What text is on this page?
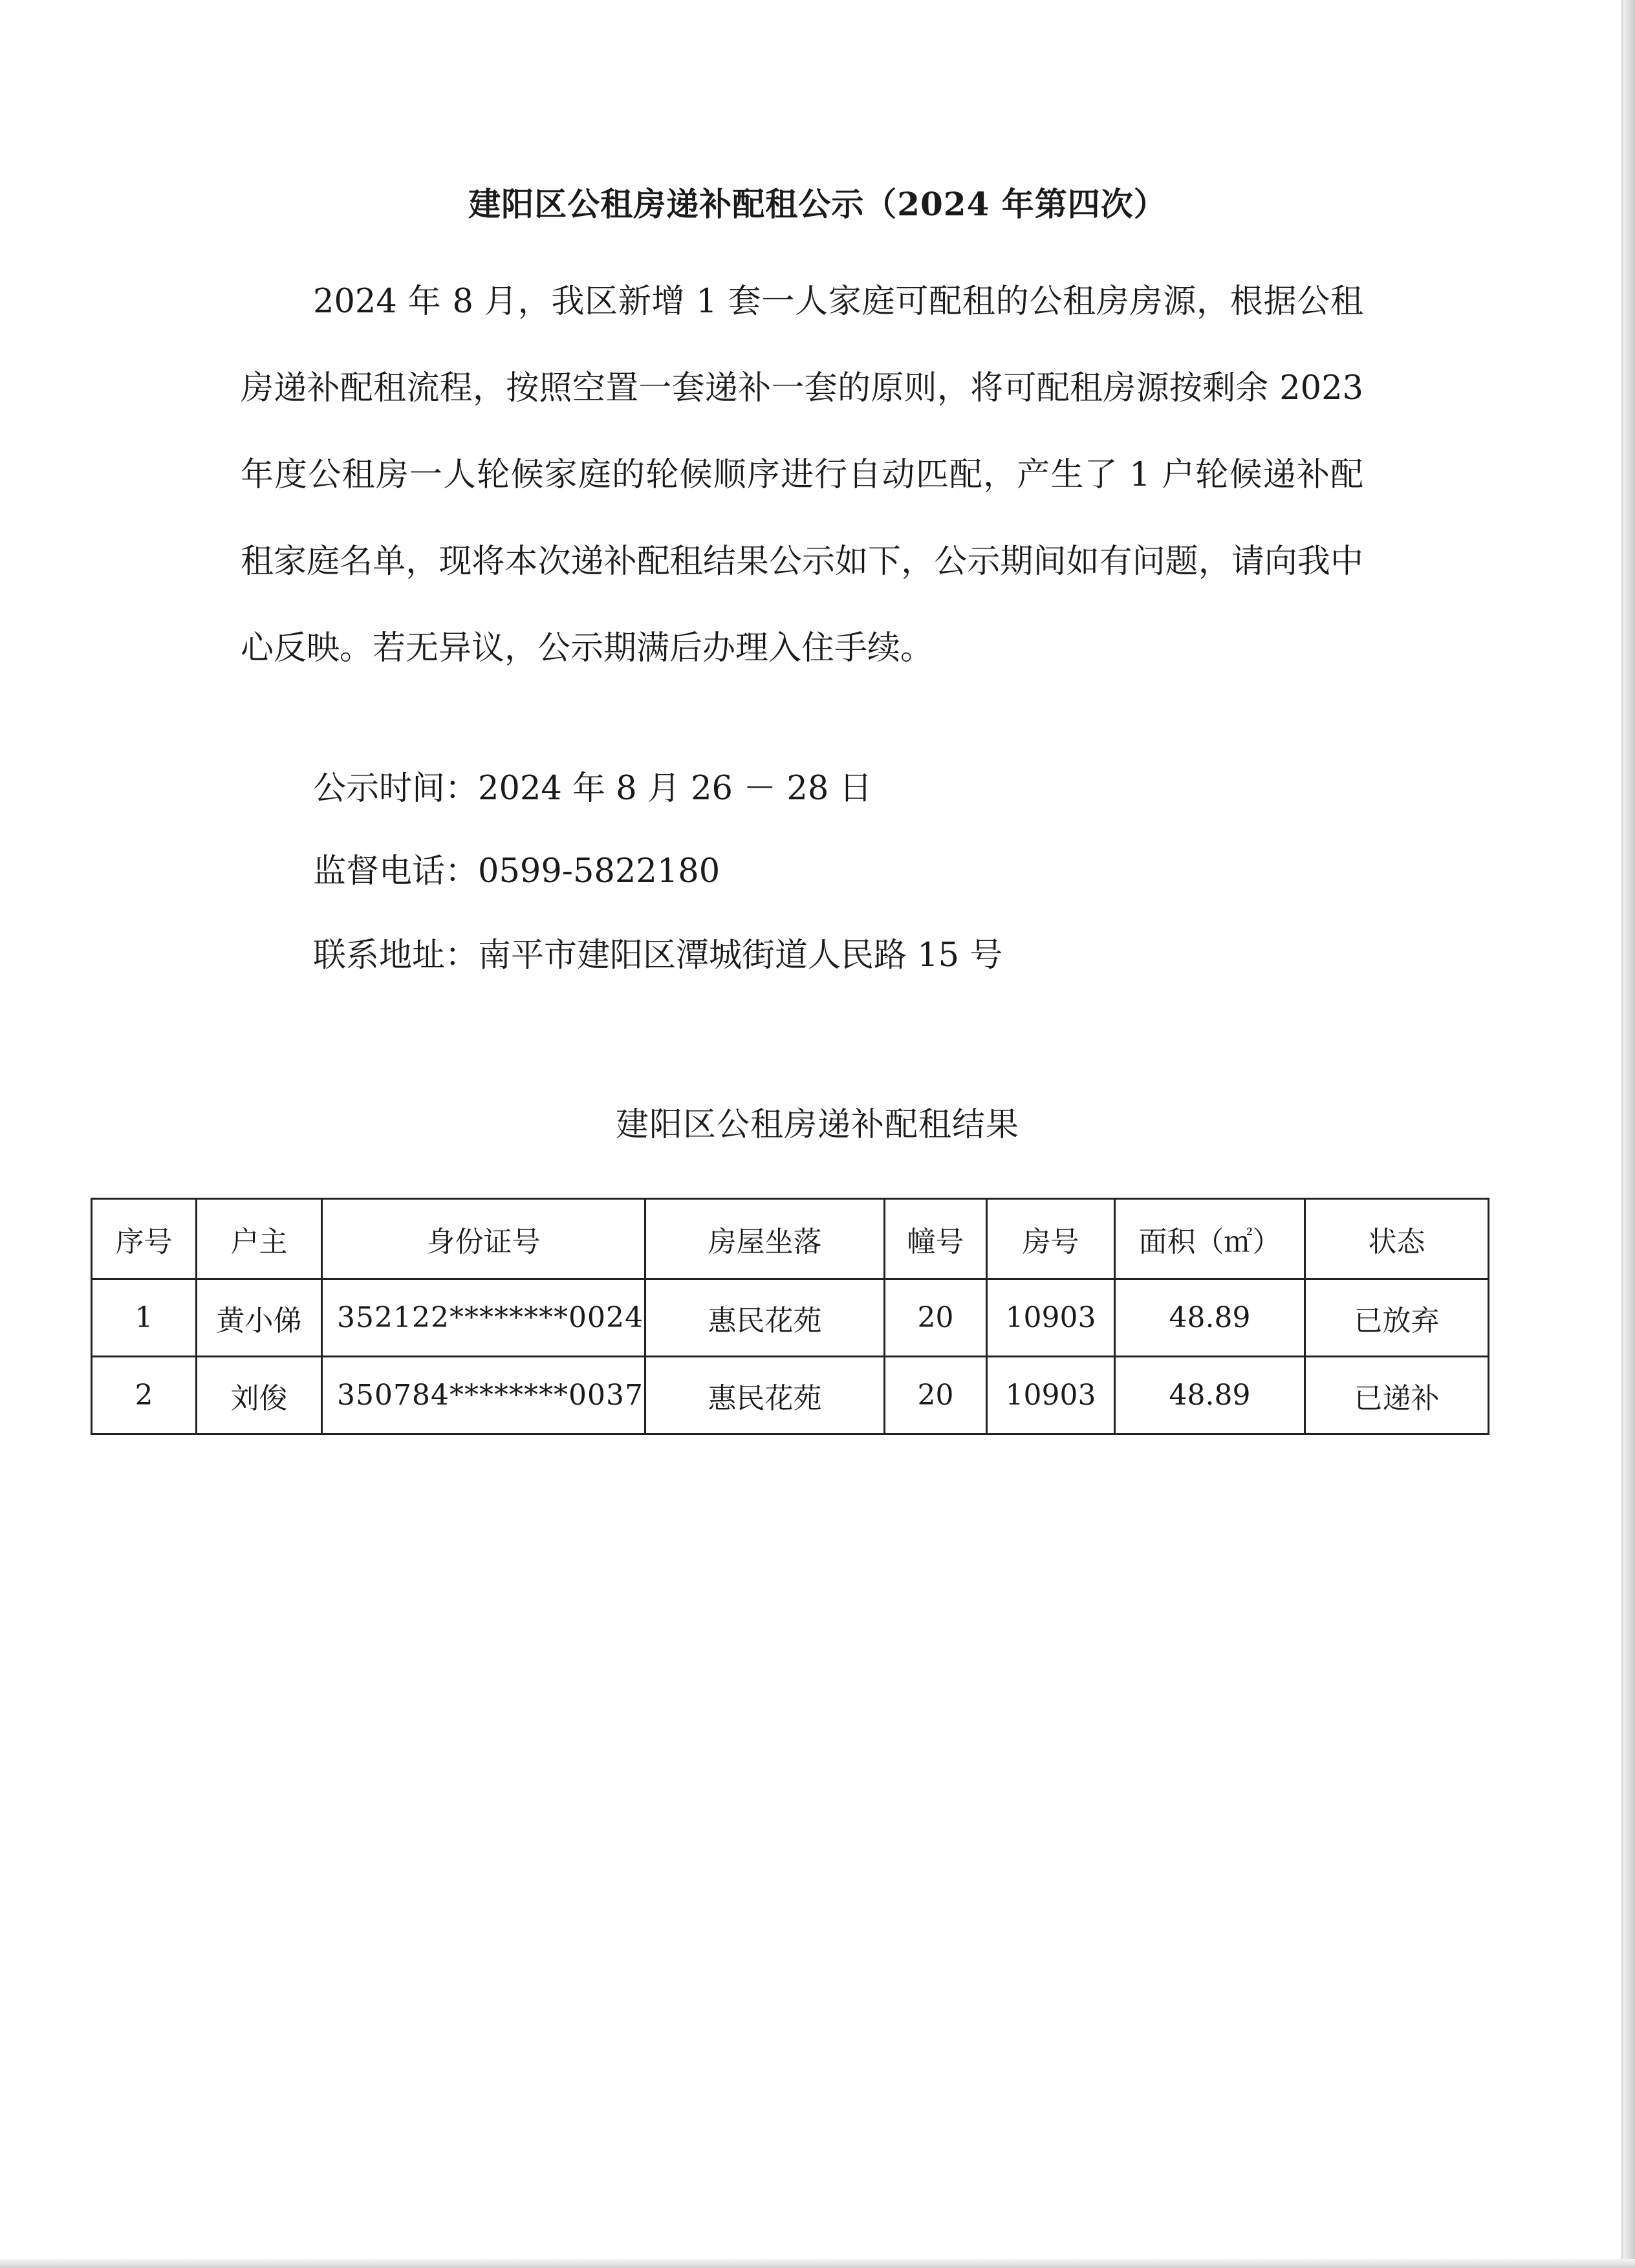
建阳区公租房递补配租公示（2024 年第四次）

2024 年 8 月，我区新增 1 套一人家庭可配租的公租房房源，根据公租房递补配租流程，按照空置一套递补一套的原则，将可配租房源按剩余 2023 年度公租房一人轮候家庭的轮候顺序进行自动匹配，产生了 1 户轮候递补配租家庭名单，现将本次递补配租结果公示如下，公示期间如有问题，请向我中心反映。若无异议，公示期满后办理入住手续。

公示时间：2024 年 8 月 26 － 28 日
监督电话：0599-5822180
联系地址：南平市建阳区潭城街道人民路 15 号
建阳区公租房递补配租结果
序号	户主	身份证号	房屋坐落	幢号	房号	面积（㎡）	状态
1	黄小俤	352122********0024	惠民花苑	20	10903	48.89	已放弃
2	刘俊	350784********0037	惠民花苑	20	10903	48.89	已递补
